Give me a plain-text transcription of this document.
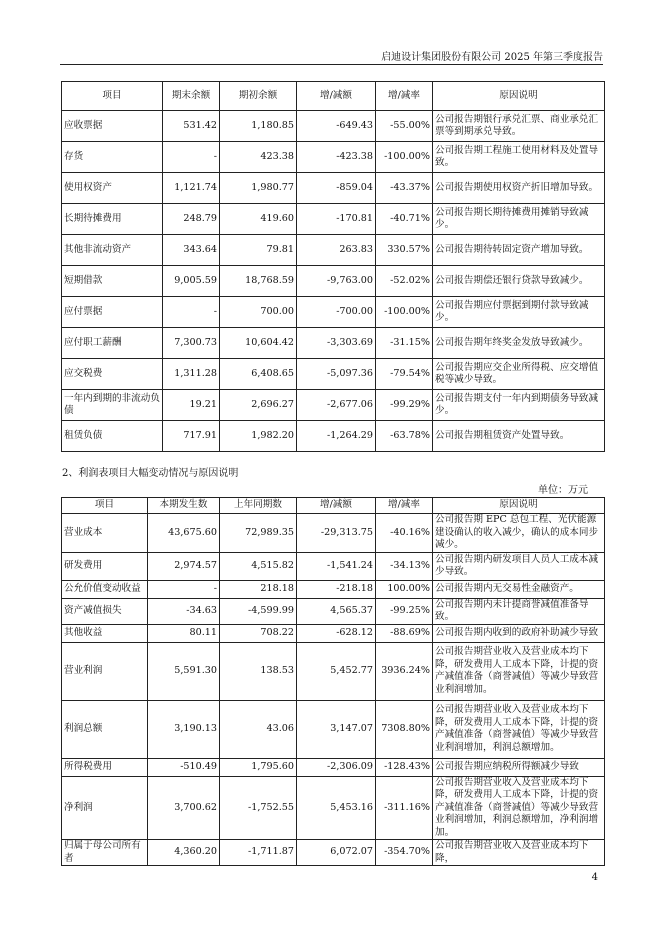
启迪设计集团股份有限公司 2025 年第三季度报告
项目	期末余额	期初余额	增/减额	增/减率	原因说明
应收票据	531.42	1,180.85	-649.43	-55.00%	公司报告期银行承兑汇票、商业承兑汇票等到期承兑导致。
存货	-	423.38	-423.38	-100.00%	公司报告期工程施工使用材料及处置导致。
使用权资产	1,121.74	1,980.77	-859.04	-43.37%	公司报告期使用权资产折旧增加导致。
长期待摊费用	248.79	419.60	-170.81	-40.71%	公司报告期长期待摊费用摊销导致减少。
其他非流动资产	343.64	79.81	263.83	330.57%	公司报告期待转固定资产增加导致。
短期借款	9,005.59	18,768.59	-9,763.00	-52.02%	公司报告期偿还银行贷款导致减少。
应付票据	-	700.00	-700.00	-100.00%	公司报告期应付票据到期付款导致减少。
应付职工薪酬	7,300.73	10,604.42	-3,303.69	-31.15%	公司报告期年终奖金发放导致减少。
应交税费	1,311.28	6,408.65	-5,097.36	-79.54%	公司报告期应交企业所得税、应交增值税等减少导致。
一年内到期的非流动负债	19.21	2,696.27	-2,677.06	-99.29%	公司报告期支付一年内到期债务导致减少。
租赁负债	717.91	1,982.20	-1,264.29	-63.78%	公司报告期租赁资产处置导致。
2、利润表项目大幅变动情况与原因说明
单位：万元
项目	本期发生数	上年同期数	增/减额	增/减率	原因说明
营业成本	43,675.60	72,989.35	-29,313.75	-40.16%	公司报告期 EPC 总包工程、光伏能源建设确认的收入减少，确认的成本同步减少。
研发费用	2,974.57	4,515.82	-1,541.24	-34.13%	公司报告期内研发项目人员人工成本减少导致。
公允价值变动收益	-	218.18	-218.18	100.00%	公司报告期内无交易性金融资产。
资产减值损失	-34.63	-4,599.99	4,565.37	-99.25%	公司报告期内未计提商誉减值准备导致。
其他收益	80.11	708.22	-628.12	-88.69%	公司报告期内收到的政府补助减少导致
营业利润	5,591.30	138.53	5,452.77	3936.24%	公司报告期营业收入及营业成本均下降，研发费用人工成本下降，计提的资产减值准备（商誉减值）等减少导致营业利润增加。
利润总额	3,190.13	43.06	3,147.07	7308.80%	公司报告期营业收入及营业成本均下降，研发费用人工成本下降，计提的资产减值准备（商誉减值）等减少导致营业利润增加，利润总额增加。
所得税费用	-510.49	1,795.60	-2,306.09	-128.43%	公司报告期应纳税所得额减少导致
净利润	3,700.62	-1,752.55	5,453.16	-311.16%	公司报告期营业收入及营业成本均下降，研发费用人工成本下降，计提的资产减值准备（商誉减值）等减少导致营业利润增加，利润总额增加，净利润增加。
归属于母公司所有者	4,360.20	-1,711.87	6,072.07	-354.70%	公司报告期营业收入及营业成本均下降，
4
